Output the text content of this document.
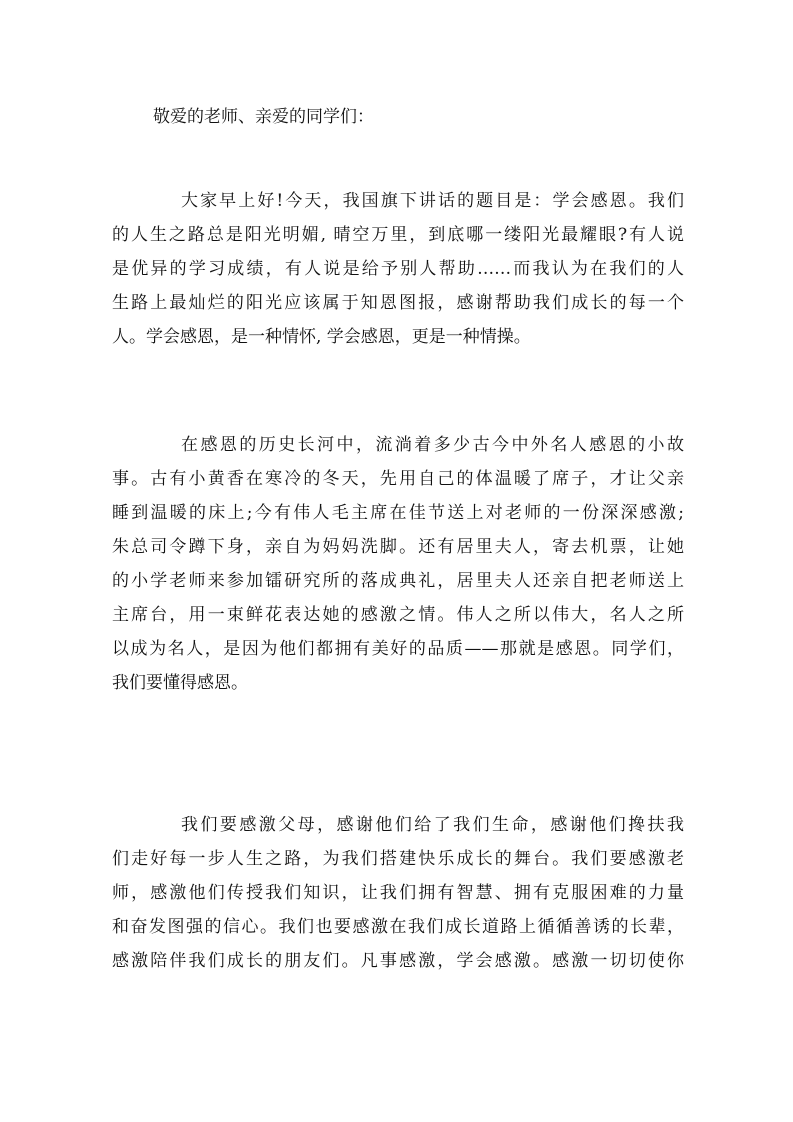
敬爱的老师、亲爱的同学们：
大家早上好!今天，我国旗下讲话的题目是：学会感恩。我们
的人生之路总是阳光明媚, 晴空万里，到底哪一缕阳光最耀眼?有人说
是优异的学习成绩，有人说是给予别人帮助……而我认为在我们的人
生路上最灿烂的阳光应该属于知恩图报，感谢帮助我们成长的每一个
人。学会感恩，是一种情怀, 学会感恩，更是一种情操。
在感恩的历史长河中，流淌着多少古今中外名人感恩的小故
事。古有小黄香在寒冷的冬天，先用自己的体温暖了席子，才让父亲
睡到温暖的床上;今有伟人毛主席在佳节送上对老师的一份深深感激;
朱总司令蹲下身，亲自为妈妈洗脚。还有居里夫人，寄去机票，让她
的小学老师来参加镭研究所的落成典礼，居里夫人还亲自把老师送上
主席台，用一束鲜花表达她的感激之情。伟人之所以伟大，名人之所
以成为名人，是因为他们都拥有美好的品质——那就是感恩。同学们，
我们要懂得感恩。
我们要感激父母，感谢他们给了我们生命，感谢他们搀扶我
们走好每一步人生之路，为我们搭建快乐成长的舞台。我们要感激老
师，感激他们传授我们知识，让我们拥有智慧、拥有克服困难的力量
和奋发图强的信心。我们也要感激在我们成长道路上循循善诱的长辈，
感激陪伴我们成长的朋友们。凡事感激，学会感激。感激一切切使你
